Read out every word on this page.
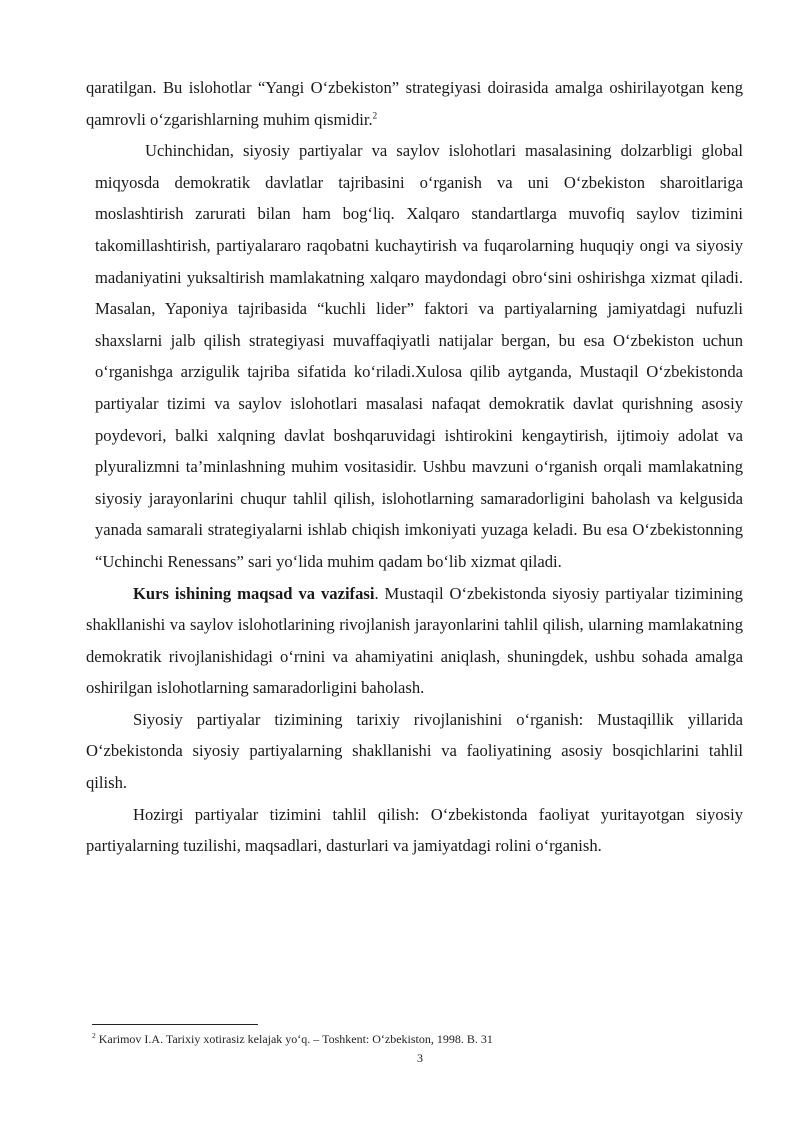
qaratilgan. Bu islohotlar “Yangi O‘zbekiston” strategiyasi doirasida amalga oshirilayotgan keng qamrovli o‘zgarishlarning muhim qismidir.$^2$

Uchinchidan, siyosiy partiyalar va saylov islohotlari masalasining dolzarbligi global miqyosda demokratik davlatlar tajribasini o‘rganish va uni O‘zbekiston sharoitlariga moslashtirish zarurati bilan ham bog‘liq. Xalqaro standartlarga muvofiq saylov tizimini takomillashtirish, partiyalararo raqobatni kuchaytirish va fuqarolarning huquqiy ongi va siyosiy madaniyatini yuksaltirish mamlakatning xalqaro maydondagi obro‘sini oshirishga xizmat qiladi. Masalan, Yaponiya tajribasida “kuchli lider” faktori va partiyalarning jamiyatdagi nufuzli shaxslarni jalb qilish strategiyasi muvaffaqiyatli natijalar bergan, bu esa O‘zbekiston uchun o‘rganishga arzigulik tajriba sifatida ko‘riladi.Xulosa qilib aytganda, Mustaqil O‘zbekistonda partiyalar tizimi va saylov islohotlari masalasi nafaqat demokratik davlat qurishning asosiy poydevori, balki xalqning davlat boshqaruvidagi ishtirokini kengaytirish, ijtimoiy adolat va plyuralizmni ta’minlashning muhim vositasidir. Ushbu mavzuni o‘rganish orqali mamlakatning siyosiy jarayonlarini chuqur tahlil qilish, islohotlarning samaradorligini baholash va kelgusida yanada samarali strategiyalarni ishlab chiqish imkoniyati yuzaga keladi. Bu esa O‘zbekistonning “Uchinchi Renessans” sari yo‘lida muhim qadam bo‘lib xizmat qiladi.

Kurs ishining maqsad va vazifasi. Mustaqil O‘zbekistonda siyosiy partiyalar tizimining shakllanishi va saylov islohotlarining rivojlanish jarayonlarini tahlil qilish, ularning mamlakatning demokratik rivojlanishidagi o‘rnini va ahamiyatini aniqlash, shuningdek, ushbu sohada amalga oshirilgan islohotlarning samaradorligini baholash.

Siyosiy partiyalar tizimining tarixiy rivojlanishini o‘rganish: Mustaqillik yillarida O‘zbekistonda siyosiy partiyalarning shakllanishi va faoliyatining asosiy bosqichlarini tahlil qilish.

Hozirgi partiyalar tizimini tahlil qilish: O‘zbekistonda faoliyat yuritayotgan siyosiy partiyalarning tuzilishi, maqsadlari, dasturlari va jamiyatdagi rolini o‘rganish.

$^2$ Karimov I.A. Tarixiy xotirasiz kelajak yo‘q. – Toshkent: O‘zbekiston, 1998. B. 31
3
